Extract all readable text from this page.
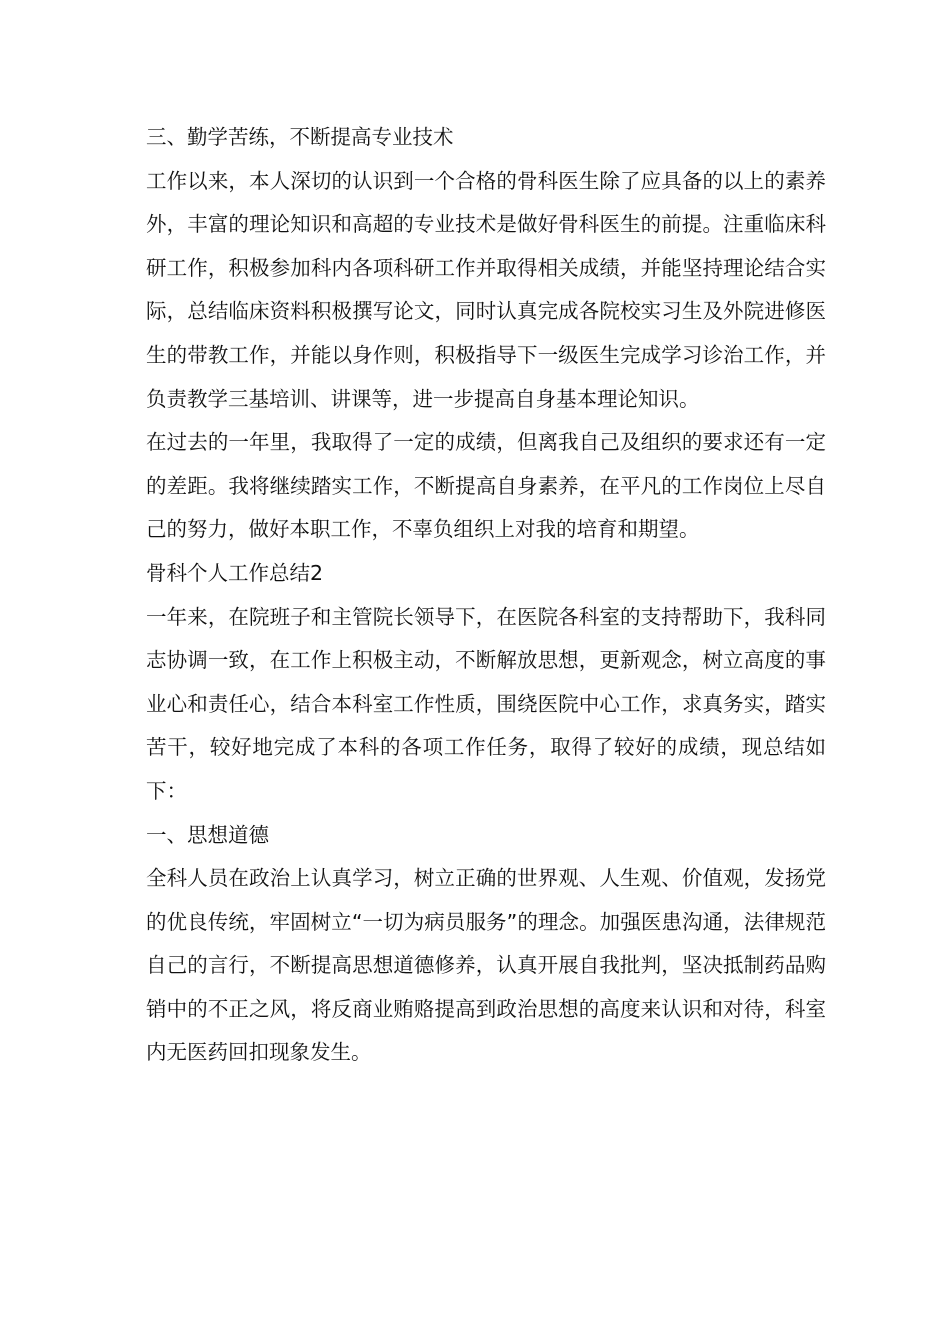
三、勤学苦练，不断提高专业技术

工作以来，本人深切的认识到一个合格的骨科医生除了应具备的以上的素养外，丰富的理论知识和高超的专业技术是做好骨科医生的前提。注重临床科研工作，积极参加科内各项科研工作并取得相关成绩，并能坚持理论结合实际，总结临床资料积极撰写论文，同时认真完成各院校实习生及外院进修医生的带教工作，并能以身作则，积极指导下一级医生完成学习诊治工作，并负责教学三基培训、讲课等，进一步提高自身基本理论知识。

在过去的一年里，我取得了一定的成绩，但离我自己及组织的要求还有一定的差距。我将继续踏实工作，不断提高自身素养，在平凡的工作岗位上尽自己的努力，做好本职工作，不辜负组织上对我的培育和期望。

骨科个人工作总结2

一年来，在院班子和主管院长领导下，在医院各科室的支持帮助下，我科同志协调一致，在工作上积极主动，不断解放思想，更新观念，树立高度的事业心和责任心，结合本科室工作性质，围绕医院中心工作，求真务实，踏实苦干，较好地完成了本科的各项工作任务，取得了较好的成绩，现总结如下：

一、思想道德

全科人员在政治上认真学习，树立正确的世界观、人生观、价值观，发扬党的优良传统，牢固树立“一切为病员服务”的理念。加强医患沟通，法律规范自己的言行，不断提高思想道德修养，认真开展自我批判，坚决抵制药品购销中的不正之风，将反商业贿赂提高到政治思想的高度来认识和对待，科室内无医药回扣现象发生。
